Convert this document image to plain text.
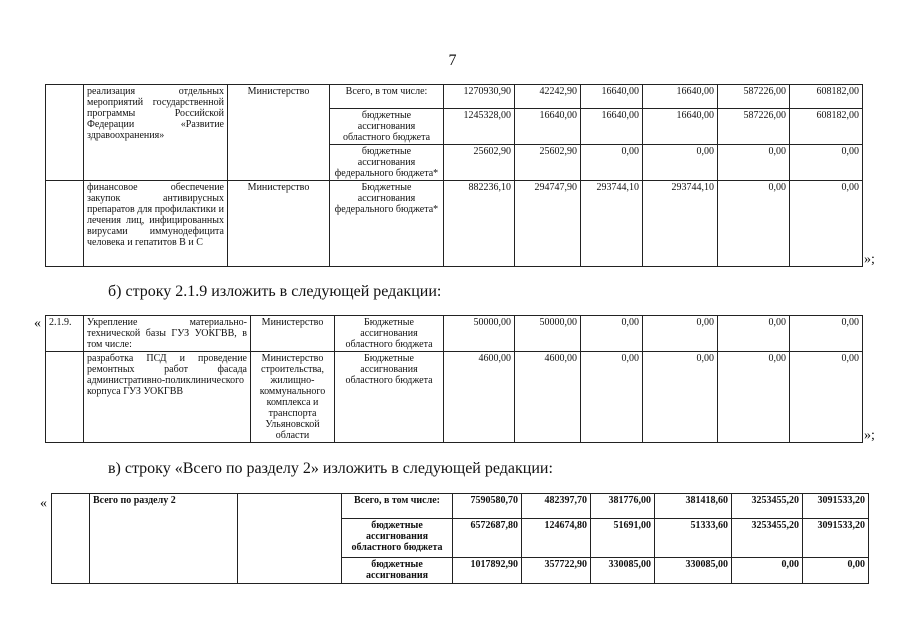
7
	реализация отдельных мероприятий государственной программы Российской Федерации «Развитие здравоохранения»	Министерство	Всего, в том числе:	1270930,90	42242,90	16640,00	16640,00	587226,00	608182,00
			бюджетные ассигнования областного бюджета	1245328,00	16640,00	16640,00	16640,00	587226,00	608182,00
			бюджетные ассигнования федерального бюджета*	25602,90	25602,90	0,00	0,00	0,00	0,00
	финансовое обеспечение закупок антивирусных препаратов для профилактики и лечения лиц, инфицированных вирусами иммунодефицита человека и гепатитов В и С	Министерство	Бюджетные ассигнования федерального бюджета*	882236,10	294747,90	293744,10	293744,10	0,00	0,00
»;
б) строку 2.1.9 изложить в следующей редакции:
« 2.1.9.	Укрепление материально-технической базы ГУЗ УОКГВВ, в том числе:	Министерство	Бюджетные ассигнования областного бюджета	50000,00	50000,00	0,00	0,00	0,00	0,00
	разработка ПСД и проведение ремонтных работ фасада административно-поликлинического корпуса ГУЗ УОКГВВ	Министерство строительства, жилищно-коммунального комплекса и транспорта Ульяновской области	Бюджетные ассигнования областного бюджета	4600,00	4600,00	0,00	0,00	0,00	0,00
»;
в) строку «Всего по разделу 2» изложить в следующей редакции:
«
		Всего по разделу 2		Всего, в том числе:	7590580,70	482397,70	381776,00	381418,60	3253455,20	3091533,20
			бюджетные ассигнования областного бюджета	6572687,80	124674,80	51691,00	51333,60	3253455,20	3091533,20
			бюджетные ассигнования	1017892,90	357722,90	330085,00	330085,00	0,00	0,00
